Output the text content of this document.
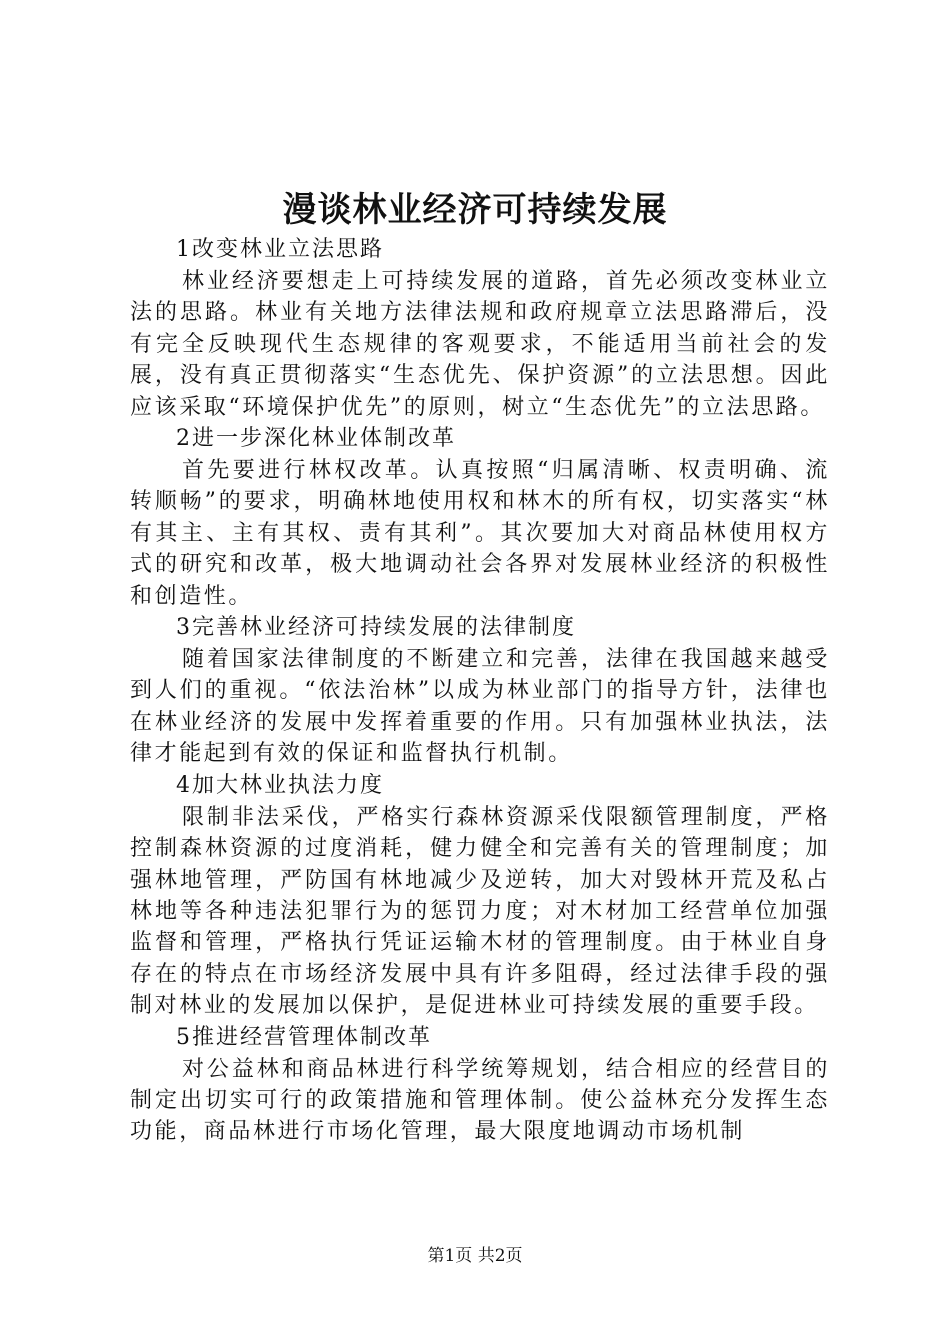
漫谈林业经济可持续发展

1改变林业立法思路

林业经济要想走上可持续发展的道路，首先必须改变林业立法的思路。林业有关地方法律法规和政府规章立法思路滞后，没有完全反映现代生态规律的客观要求，不能适用当前社会的发展，没有真正贯彻落实“生态优先、保护资源”的立法思想。因此应该采取“环境保护优先”的原则，树立“生态优先”的立法思路。

2进一步深化林业体制改革

首先要进行林权改革。认真按照“归属清晰、权责明确、流转顺畅”的要求，明确林地使用权和林木的所有权，切实落实“林有其主、主有其权、责有其利”。其次要加大对商品林使用权方式的研究和改革，极大地调动社会各界对发展林业经济的积极性和创造性。

3完善林业经济可持续发展的法律制度

随着国家法律制度的不断建立和完善，法律在我国越来越受到人们的重视。“依法治林”以成为林业部门的指导方针，法律也在林业经济的发展中发挥着重要的作用。只有加强林业执法，法律才能起到有效的保证和监督执行机制。

4加大林业执法力度

限制非法采伐，严格实行森林资源采伐限额管理制度，严格控制森林资源的过度消耗，健力健全和完善有关的管理制度；加强林地管理，严防国有林地减少及逆转，加大对毁林开荒及私占林地等各种违法犯罪行为的惩罚力度；对木材加工经营单位加强监督和管理，严格执行凭证运输木材的管理制度。由于林业自身存在的特点在市场经济发展中具有许多阻碍，经过法律手段的强制对林业的发展加以保护，是促进林业可持续发展的重要手段。

5推进经营管理体制改革

对公益林和商品林进行科学统筹规划，结合相应的经营目的制定出切实可行的政策措施和管理体制。使公益林充分发挥生态功能，商品林进行市场化管理，最大限度地调动市场机制

第1页 共2页
